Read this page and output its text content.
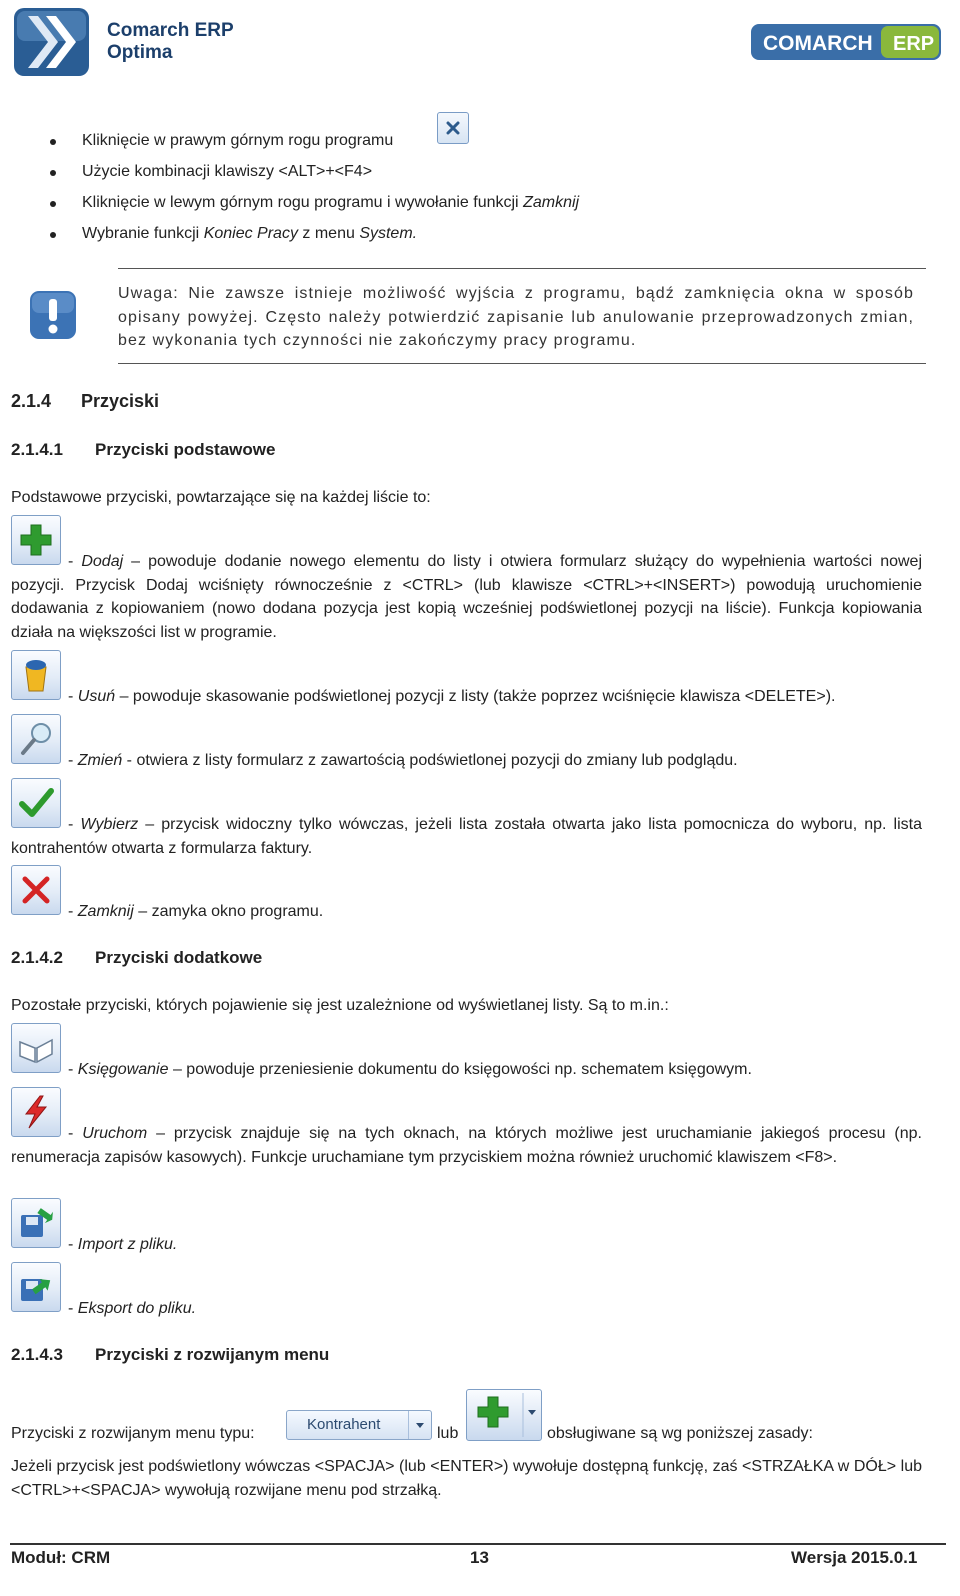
Comarch ERP
Optima	COMARCH ERP
Kliknięcie w prawym górnym rogu programu
Użycie kombinacji klawiszy <ALT>+<F4>
Kliknięcie w lewym górnym rogu programu i wywołanie funkcji Zamknij
Wybranie funkcji Koniec Pracy z menu System.
Uwaga: Nie zawsze istnieje możliwość wyjścia z programu, bądź zamknięcia okna w sposób opisany powyżej. Często należy potwierdzić zapisanie lub anulowanie przeprowadzonych zmian, bez wykonania tych czynności nie zakończymy pracy programu.
2.1.4 Przyciski
2.1.4.1 Przyciski podstawowe
Podstawowe przyciski, powtarzające się na każdej liście to:
- Dodaj – powoduje dodanie nowego elementu do listy i otwiera formularz służący do wypełnienia wartości nowej pozycji. Przycisk Dodaj wciśnięty równocześnie z <CTRL> (lub klawisze <CTRL>+<INSERT>) powodują uruchomienie dodawania z kopiowaniem (nowo dodana pozycja jest kopią wcześniej podświetlonej pozycji na liście). Funkcja kopiowania działa na większości list w programie.
- Usuń – powoduje skasowanie podświetlonej pozycji z listy (także poprzez wciśnięcie klawisza <DELETE>).
- Zmień - otwiera z listy formularz z zawartością podświetlonej pozycji do zmiany lub podglądu.
- Wybierz – przycisk widoczny tylko wówczas, jeżeli lista została otwarta jako lista pomocnicza do wyboru, np. lista kontrahentów otwarta z formularza faktury.
- Zamknij – zamyka okno programu.
2.1.4.2 Przyciski dodatkowe
Pozostałe przyciski, których pojawienie się jest uzależnione od wyświetlanej listy. Są to m.in.:
- Księgowanie – powoduje przeniesienie dokumentu do księgowości np. schematem księgowym.
- Uruchom – przycisk znajduje się na tych oknach, na których możliwe jest uruchamianie jakiegoś procesu (np. renumeracja zapisów kasowych). Funkcje uruchamiane tym przyciskiem można również uruchomić klawiszem <F8>.
- Import z pliku.
- Eksport do pliku.
2.1.4.3 Przyciski z rozwijanym menu
Przyciski z rozwijanym menu typu:
Kontrahent
lub	obsługiwane są wg poniższej zasady:
Jeżeli przycisk jest podświetlony wówczas <SPACJA> (lub <ENTER>) wywołuje dostępną funkcję, zaś <STRZAŁKA w DÓŁ> lub <CTRL>+<SPACJA> wywołują rozwijane menu pod strzałką.
Moduł: CRM	13	Wersja 2015.0.1
